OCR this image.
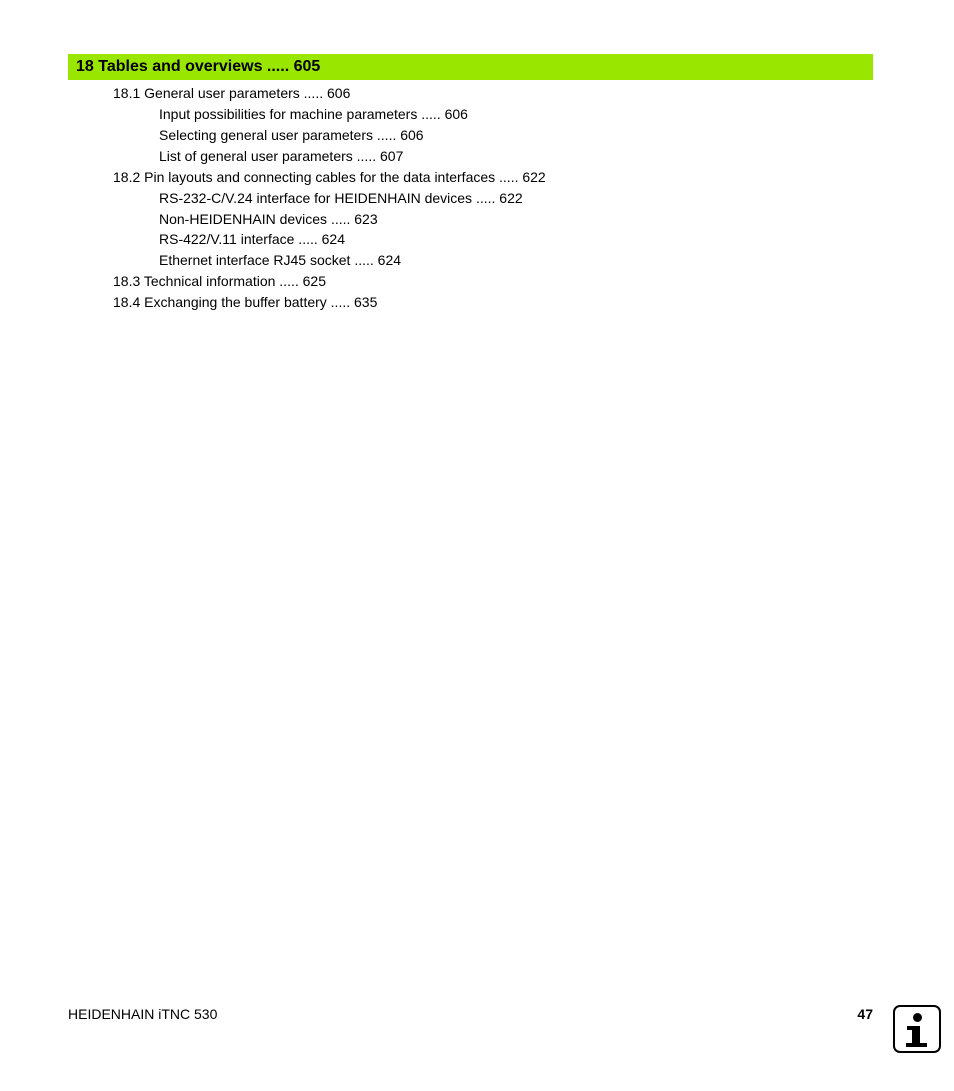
18 Tables and overviews ..... 605
18.1 General user parameters ..... 606
Input possibilities for machine parameters ..... 606
Selecting general user parameters ..... 606
List of general user parameters ..... 607
18.2 Pin layouts and connecting cables for the data interfaces ..... 622
RS-232-C/V.24 interface for HEIDENHAIN devices ..... 622
Non-HEIDENHAIN devices ..... 623
RS-422/V.11 interface ..... 624
Ethernet interface RJ45 socket ..... 624
18.3 Technical information ..... 625
18.4 Exchanging the buffer battery ..... 635
HEIDENHAIN iTNC 530	47
